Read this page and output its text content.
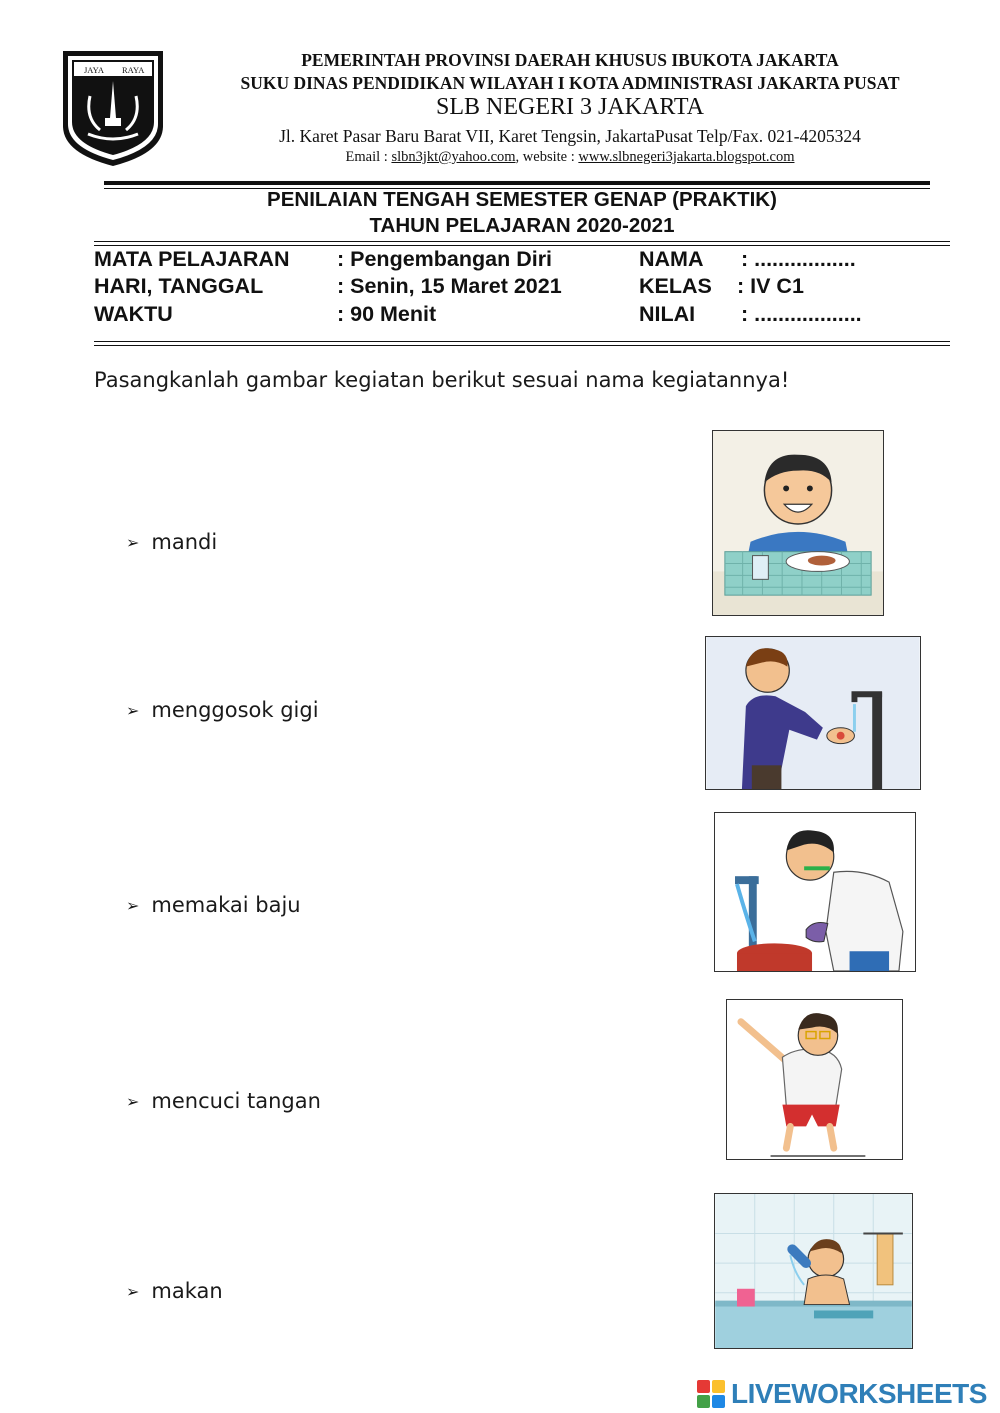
JAYA RAYA	PEMERINTAH PROVINSI DAERAH KHUSUS IBUKOTA JAKARTA
SUKU DINAS PENDIDIKAN WILAYAH I KOTA ADMINISTRASI JAKARTA PUSAT
SLB NEGERI 3 JAKARTA
Jl. Karet Pasar Baru Barat VII, Karet Tengsin, JakartaPusat Telp/Fax. 021-4205324
Email : slbn3jkt@yahoo.com, website : www.slbnegeri3jakarta.blogspot.com
PENILAIAN TENGAH SEMESTER GENAP (PRAKTIK)
TAHUN PELAJARAN 2020-2021
MATA PELAJARAN : Pengembangan Diri	NAMA : .................
HARI, TANGGAL	: Senin, 15 Maret 2021	KELAS : IV C1
WAKTU	: 90 Menit	NILAI : ..................
Pasangkanlah gambar kegiatan berikut sesuai nama kegiatannya!
➢ mandi
➢ menggosok gigi
➢ memakai baju
➢ mencuci tangan
➢ makan
LIVEWORKSHEETS
